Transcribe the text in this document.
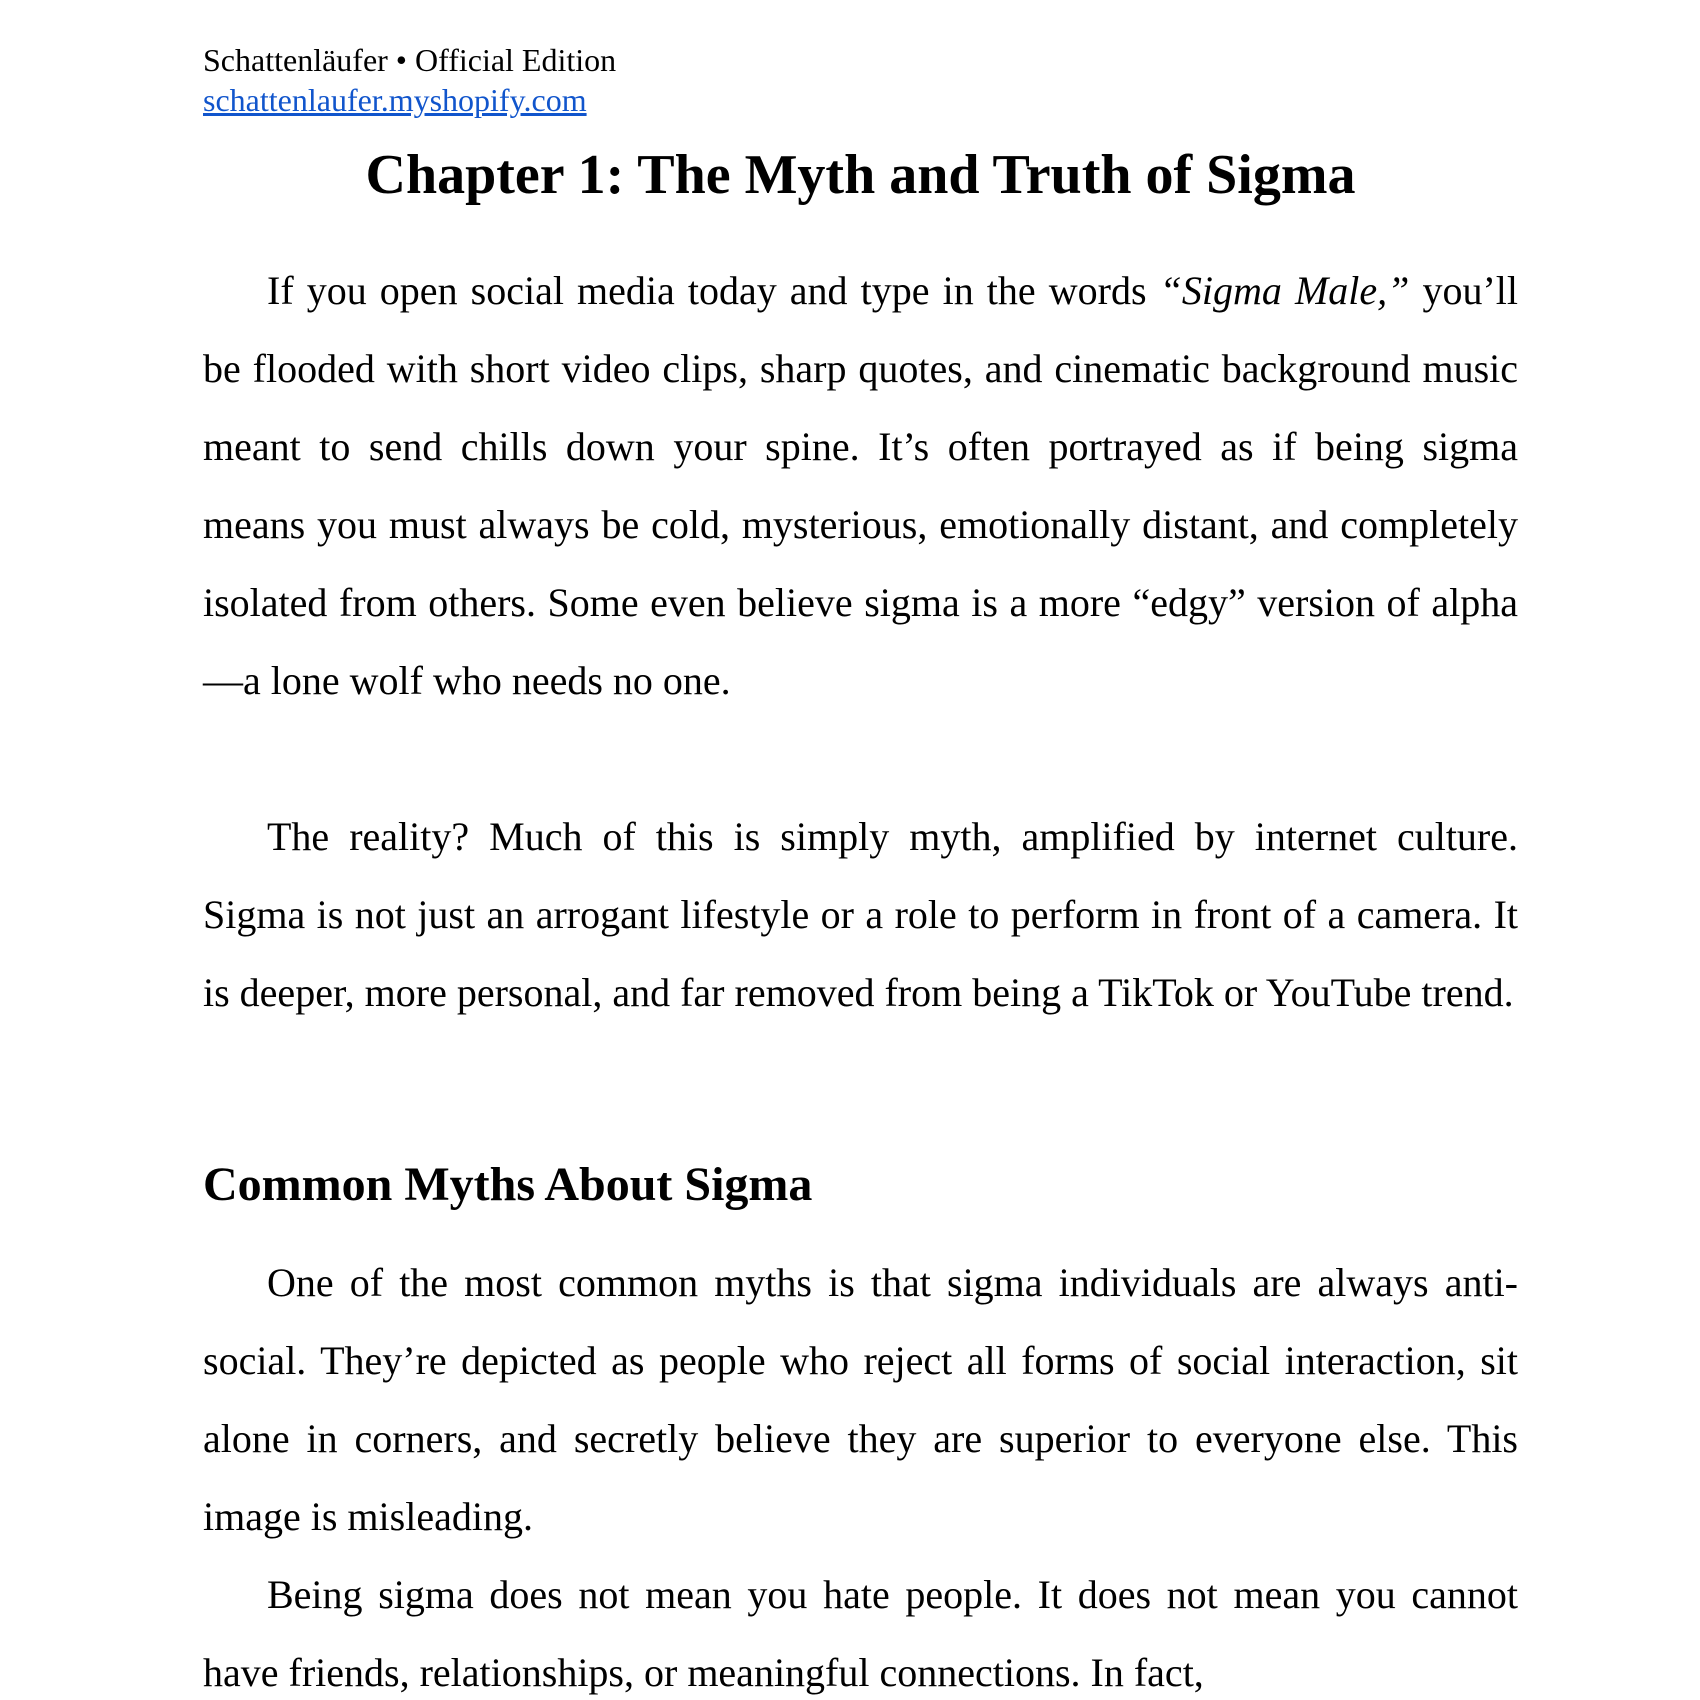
Schattenläufer • Official Edition
schattenlaufer.myshopify.com
Chapter 1: The Myth and Truth of Sigma

If you open social media today and type in the words “Sigma Male,” you’ll be flooded with short video clips, sharp quotes, and cinematic background music meant to send chills down your spine. It’s often portrayed as if being sigma means you must always be cold, mysterious, emotionally distant, and completely isolated from others. Some even believe sigma is a more “edgy” version of alpha—a lone wolf who needs no one.

The reality? Much of this is simply myth, amplified by internet culture. Sigma is not just an arrogant lifestyle or a role to perform in front of a camera. It is deeper, more personal, and far removed from being a TikTok or YouTube trend.

Common Myths About Sigma

One of the most common myths is that sigma individuals are always anti-social. They’re depicted as people who reject all forms of social interaction, sit alone in corners, and secretly believe they are superior to everyone else. This image is misleading.

Being sigma does not mean you hate people. It does not mean you cannot have friends, relationships, or meaningful connections. In fact,
